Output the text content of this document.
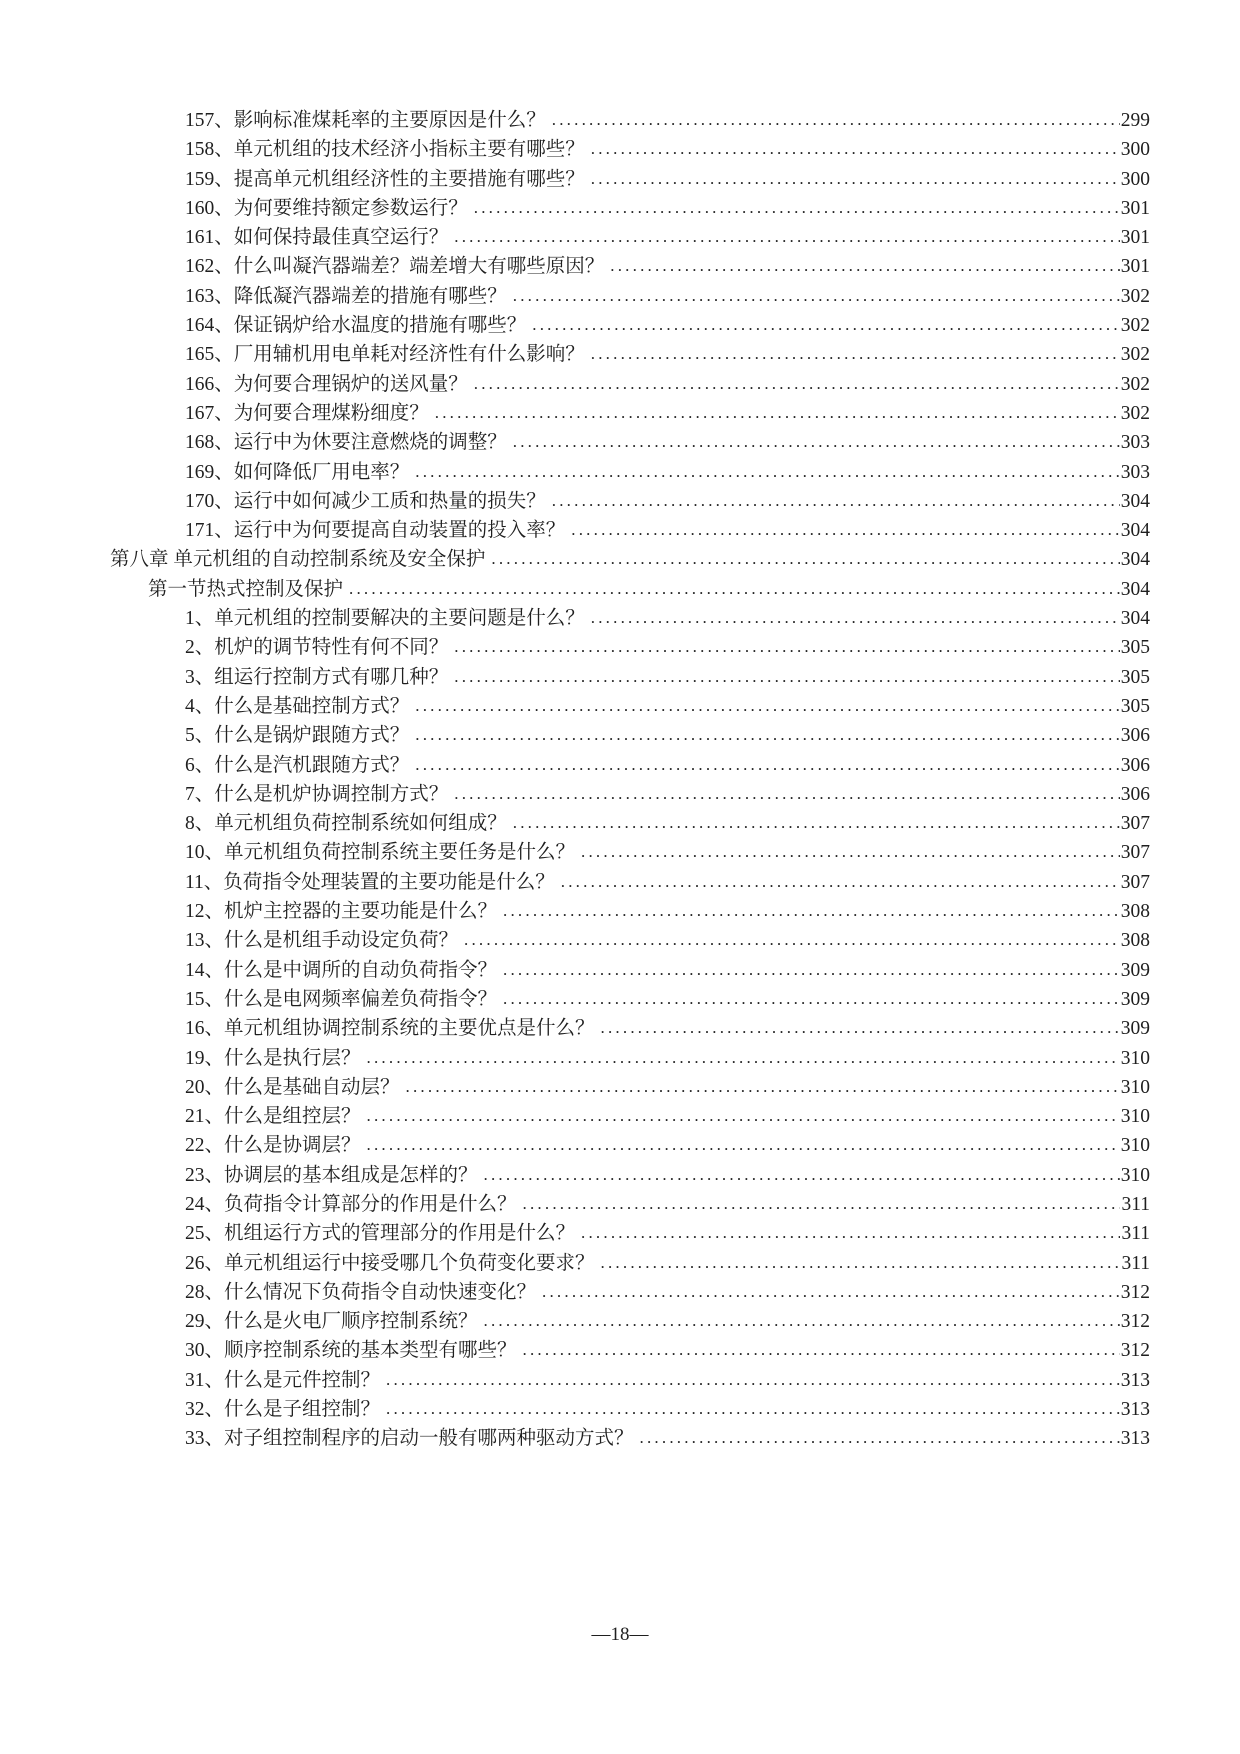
157、影响标准煤耗率的主要原因是什么？ .....	299
158、单元机组的技术经济小指标主要有哪些？ .....	300
159、提高单元机组经济性的主要措施有哪些？ .....	300
160、为何要维持额定参数运行？ .....	301
161、如何保持最佳真空运行？ .....	301
162、什么叫凝汽器端差？端差增大有哪些原因？ .....	301
163、降低凝汽器端差的措施有哪些？ .....	302
164、保证锅炉给水温度的措施有哪些？ .....	302
165、厂用辅机用电单耗对经济性有什么影响？ .....	302
166、为何要合理锅炉的送风量？ .....	302
167、为何要合理煤粉细度？ .....	302
168、运行中为休要注意燃烧的调整？ .....	303
169、如何降低厂用电率？ .....	303
170、运行中如何减少工质和热量的损失？ .....	304
171、运行中为何要提高自动装置的投入率？ .....	304
第八章 单元机组的自动控制系统及安全保护 .....	304
第一节热式控制及保护 .....	304
1、单元机组的控制要解决的主要问题是什么？ .....	304
2、机炉的调节特性有何不同？ .....	305
3、组运行控制方式有哪几种？ .....	305
4、什么是基础控制方式？ .....	305
5、什么是锅炉跟随方式？ .....	306
6、什么是汽机跟随方式？ .....	306
7、什么是机炉协调控制方式？ .....	306
8、单元机组负荷控制系统如何组成？ .....	307
10、单元机组负荷控制系统主要任务是什么？ .....	307
11、负荷指令处理装置的主要功能是什么？ .....	307
12、机炉主控器的主要功能是什么？ .....	308
13、什么是机组手动设定负荷？ .....	308
14、什么是中调所的自动负荷指令？ .....	309
15、什么是电网频率偏差负荷指令？ .....	309
16、单元机组协调控制系统的主要优点是什么？ .....	309
19、什么是执行层？ .....	310
20、什么是基础自动层？ .....	310
21、什么是组控层？ .....	310
22、什么是协调层？ .....	310
23、协调层的基本组成是怎样的？ .....	310
24、负荷指令计算部分的作用是什么？ .....	311
25、机组运行方式的管理部分的作用是什么？ .....	311
26、单元机组运行中接受哪几个负荷变化要求？ .....	311
28、什么情况下负荷指令自动快速变化？ .....	312
29、什么是火电厂顺序控制系统？ .....	312
30、顺序控制系统的基本类型有哪些？ .....	312
31、什么是元件控制？ .....	313
32、什么是子组控制？ .....	313
33、对子组控制程序的启动一般有哪两种驱动方式？ .....	313
—18—
